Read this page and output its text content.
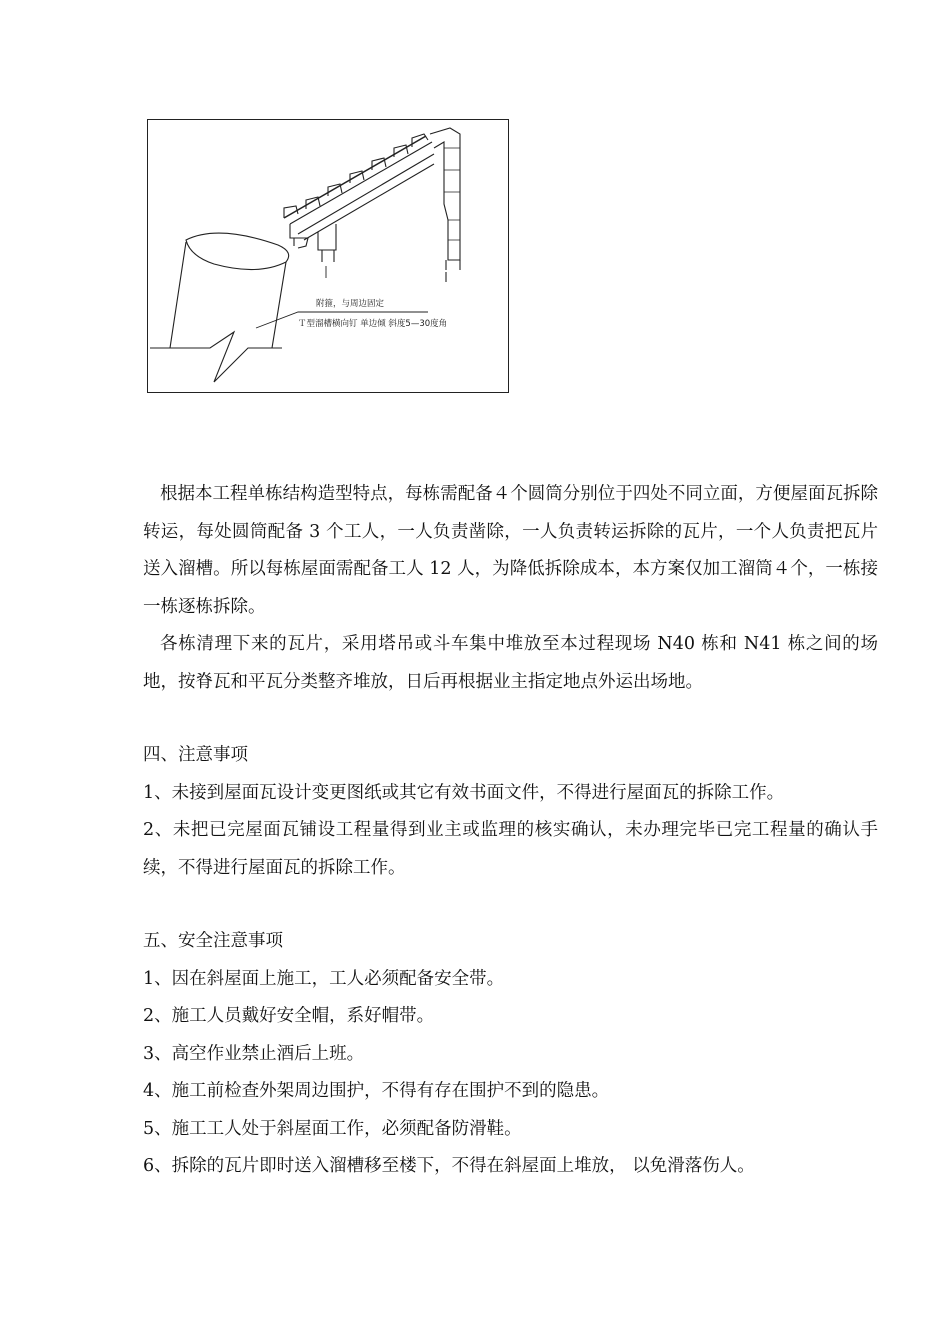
附箍，与周边固定
Ｔ型溜槽横向钉 单边倾 斜度5—30度角

根据本工程单栋结构造型特点，每栋需配备４个圆筒分别位于四处不同立面，方便屋面瓦拆除转运，每处圆筒配备 3 个工人，一人负责凿除，一人负责转运拆除的瓦片，一个人负责把瓦片送入溜槽。所以每栋屋面需配备工人 12 人，为降低拆除成本，本方案仅加工溜筒４个，一栋接一栋逐栋拆除。

各栋清理下来的瓦片，采用塔吊或斗车集中堆放至本过程现场 N40 栋和 N41 栋之间的场地，按脊瓦和平瓦分类整齐堆放，日后再根据业主指定地点外运出场地。

四、注意事项

1、未接到屋面瓦设计变更图纸或其它有效书面文件，不得进行屋面瓦的拆除工作。

2、未把已完屋面瓦铺设工程量得到业主或监理的核实确认，未办理完毕已完工程量的确认手续，不得进行屋面瓦的拆除工作。

五、安全注意事项

1、因在斜屋面上施工，工人必须配备安全带。

2、施工人员戴好安全帽，系好帽带。

3、高空作业禁止酒后上班。

4、施工前检查外架周边围护，不得有存在围护不到的隐患。

5、施工工人处于斜屋面工作，必须配备防滑鞋。

6、拆除的瓦片即时送入溜槽移至楼下，不得在斜屋面上堆放， 以免滑落伤人。
